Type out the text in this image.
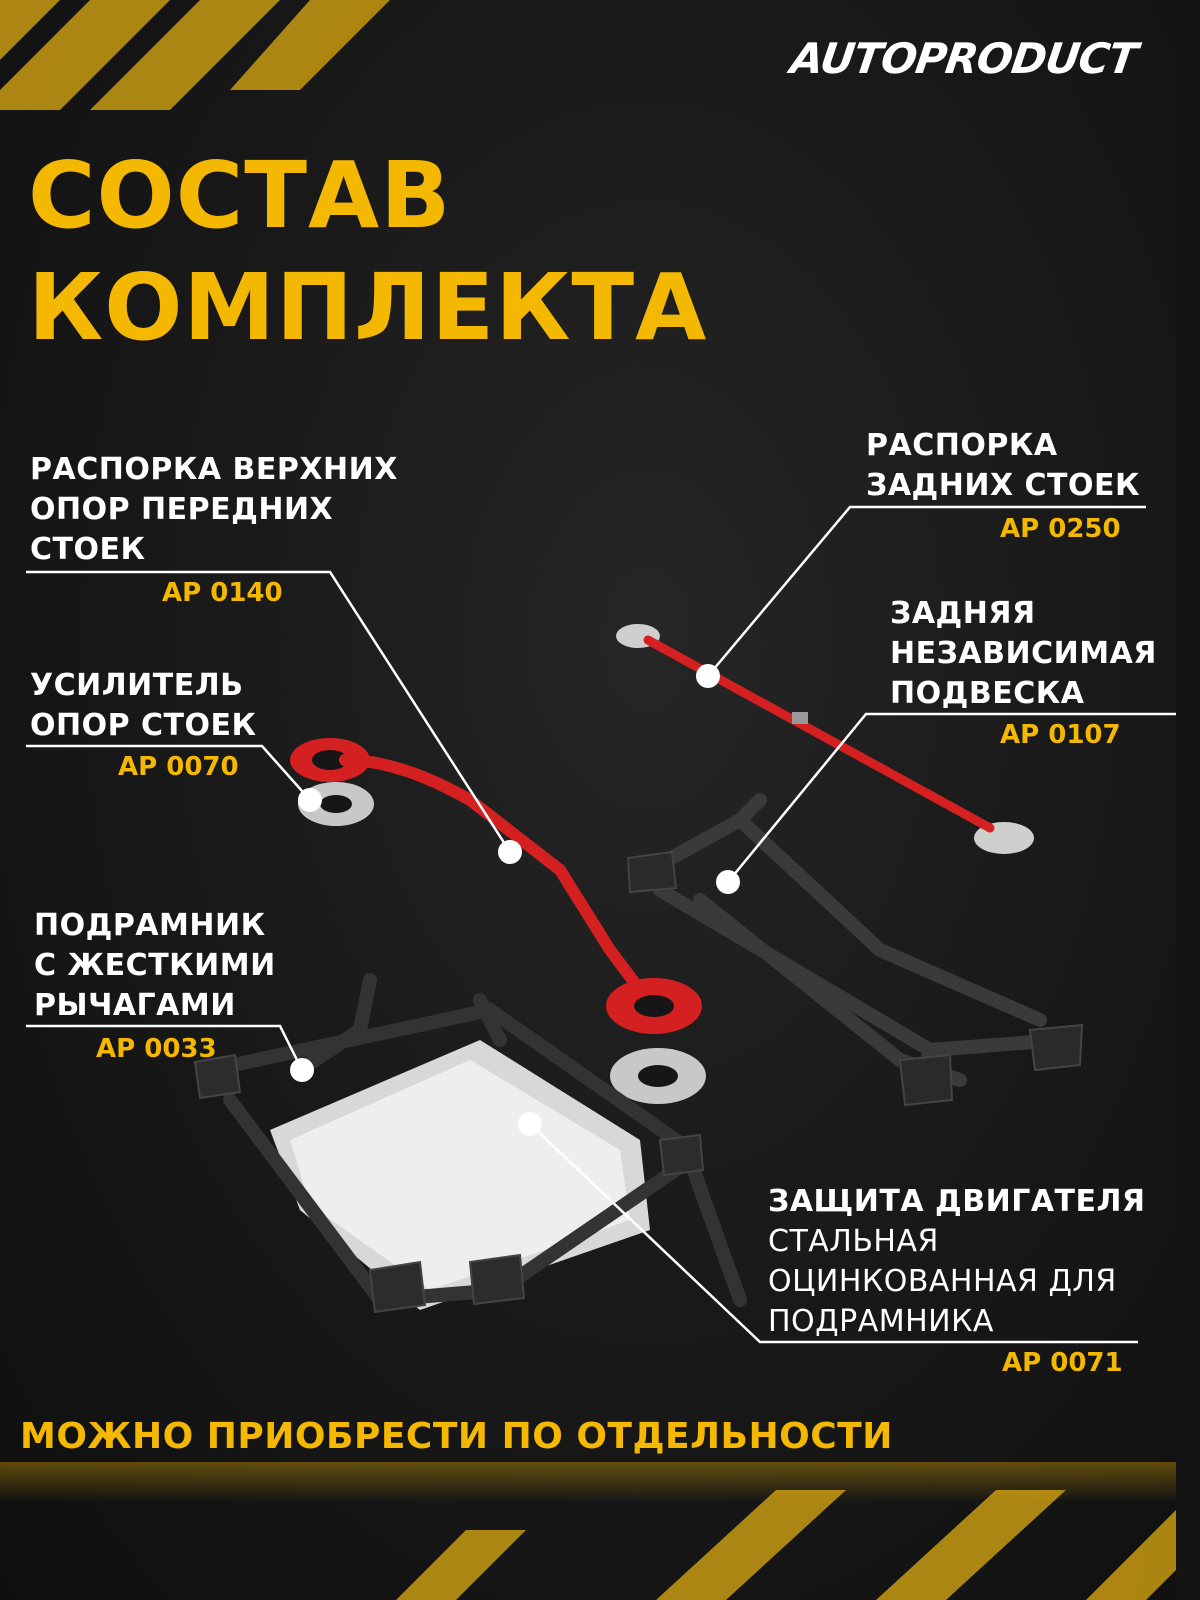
AUTOPRODUCT
СОСТАВ
КОМПЛЕКТА
РАСПОРКА ВЕРХНИХ
ОПОР ПЕРЕДНИХ
СТОЕК
AP 0140
УСИЛИТЕЛЬ
ОПОР СТОЕК
AP 0070
ПОДРАМНИК
С ЖЕСТКИМИ
РЫЧАГАМИ
AP 0033
РАСПОРКА
ЗАДНИХ СТОЕК
AP 0250
ЗАДНЯЯ
НЕЗАВИСИМАЯ
ПОДВЕСКА
AP 0107
ЗАЩИТА ДВИГАТЕЛЯ
СТАЛЬНАЯ
ОЦИНКОВАННАЯ ДЛЯ
ПОДРАМНИКА
AP 0071
МОЖНО ПРИОБРЕСТИ ПО ОТДЕЛЬНОСТИ
